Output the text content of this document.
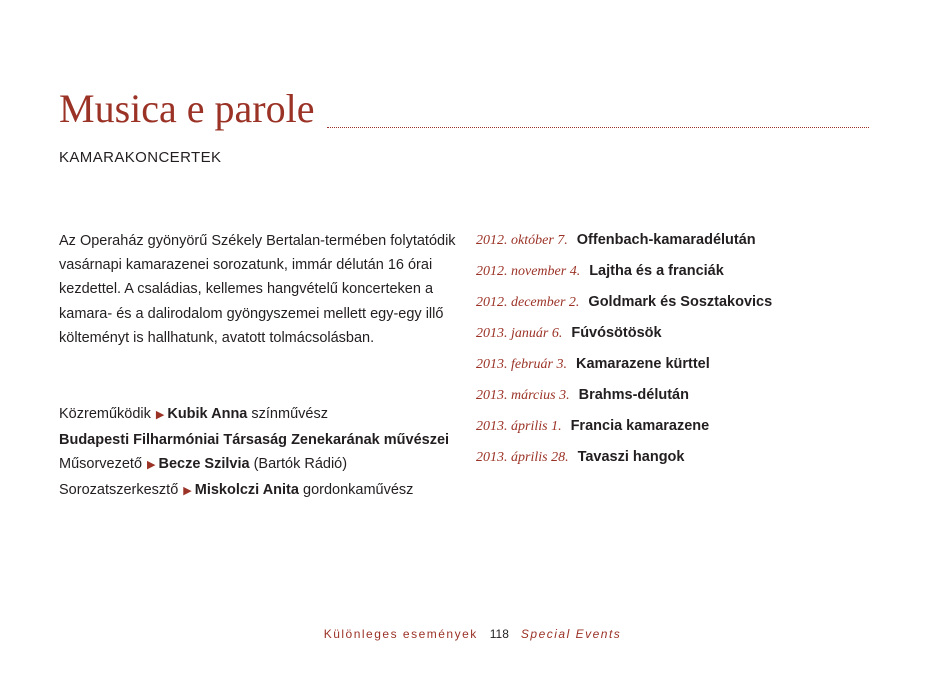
Musica e parole
KAMARAKONCERTEK

Az Operaház gyönyörű Székely Bertalan-termében folytatódik vasárnapi kamarazenei sorozatunk, immár délután 16 órai kezdettel. A családias, kellemes hangvételű koncerteken a kamara- és a dalirodalom gyöngyszemei mellett egy-egy illő költeményt is hallhatunk, avatott tolmácsolásban.

Közreműködik ▶ Kubik Anna színművész
Budapesti Filharmóniai Társaság Zenekarának művészei
Műsorvezető ▶ Becze Szilvia (Bartók Rádió)
Sorozatszerkesztő ▶ Miskolczi Anita gordonkaművész
2012. október 7. Offenbach-kamaradélután
2012. november 4. Lajtha és a franciák
2012. december 2. Goldmark és Sosztakovics
2013. január 6. Fúvósötösök
2013. február 3. Kamarazene kürttel
2013. március 3. Brahms-délután
2013. április 1. Francia kamarazene
2013. április 28. Tavaszi hangok
Különleges események 118 Special Events
